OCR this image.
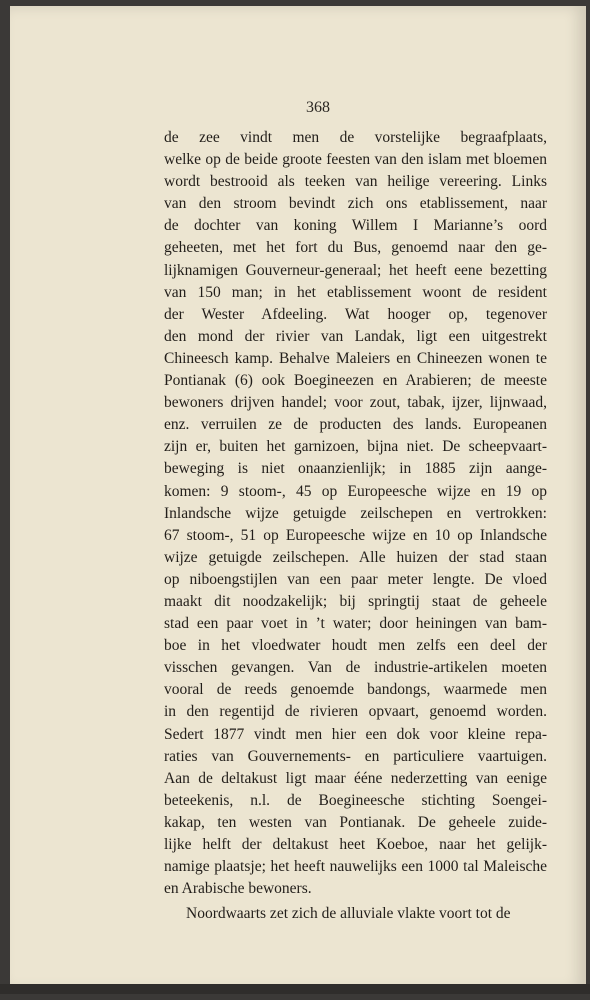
368
de zee vindt men de vorstelijke begraafplaats,
welke op de beide groote feesten van den islam met bloemen
wordt bestrooid als teeken van heilige vereering. Links
van den stroom bevindt zich ons etablissement, naar
de dochter van koning Willem I Marianne’s oord
geheeten, met het fort du Bus, genoemd naar den ge-
lijknamigen Gouverneur-generaal; het heeft eene bezetting
van 150 man; in het etablissement woont de resident
der Wester Afdeeling. Wat hooger op, tegenover
den mond der rivier van Landak, ligt een uitgestrekt
Chineesch kamp. Behalve Maleiers en Chineezen wonen te
Pontianak (6) ook Boegineezen en Arabieren; de meeste
bewoners drijven handel; voor zout, tabak, ijzer, lijnwaad,
enz. verruilen ze de producten des lands. Europeanen
zijn er, buiten het garnizoen, bijna niet. De scheepvaart-
beweging is niet onaanzienlijk; in 1885 zijn aange-
komen: 9 stoom-, 45 op Europeesche wijze en 19 op
Inlandsche wijze getuigde zeilschepen en vertrokken:
67 stoom-, 51 op Europeesche wijze en 10 op Inlandsche
wijze getuigde zeilschepen. Alle huizen der stad staan
op niboengstijlen van een paar meter lengte. De vloed
maakt dit noodzakelijk; bij springtij staat de geheele
stad een paar voet in ’t water; door heiningen van bam-
boe in het vloedwater houdt men zelfs een deel der
visschen gevangen. Van de industrie-artikelen moeten
vooral de reeds genoemde bandongs, waarmede men
in den regentijd de rivieren opvaart, genoemd worden.
Sedert 1877 vindt men hier een dok voor kleine repa-
raties van Gouvernements- en particuliere vaartuigen.
Aan de deltakust ligt maar ééne nederzetting van eenige
beteekenis, n.l. de Boegineesche stichting Soengei-
kakap, ten westen van Pontianak. De geheele zuide-
lijke helft der deltakust heet Koeboe, naar het gelijk-
namige plaatsje; het heeft nauwelijks een 1000 tal Maleische
en Arabische bewoners.
Noordwaarts zet zich de alluviale vlakte voort tot de
